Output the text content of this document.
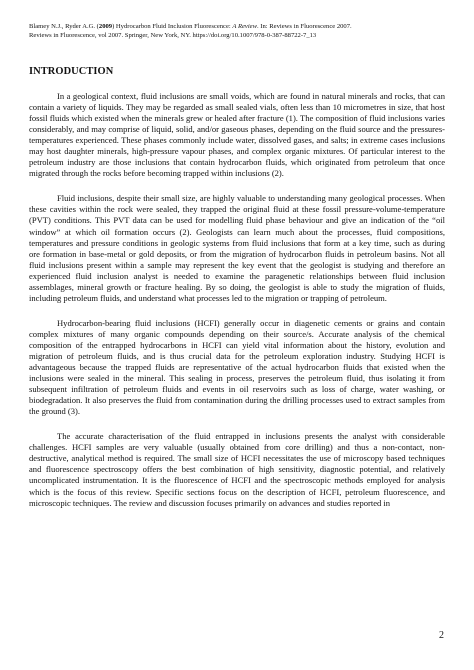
Blamey N.J., Ryder A.G. (2009) Hydrocarbon Fluid Inclusion Fluorescence: A Review. In: Reviews in Fluorescence 2007.
Reviews in Fluorescence, vol 2007. Springer, New York, NY. https://doi.org/10.1007/978-0-387-88722-7_13
INTRODUCTION

In a geological context, fluid inclusions are small voids, which are found in natural minerals and rocks, that can contain a variety of liquids. They may be regarded as small sealed vials, often less than 10 micrometres in size, that host fossil fluids which existed when the minerals grew or healed after fracture (1). The composition of fluid inclusions varies considerably, and may comprise of liquid, solid, and/or gaseous phases, depending on the fluid source and the pressures-temperatures experienced. These phases commonly include water, dissolved gases, and salts; in extreme cases inclusions may host daughter minerals, high-pressure vapour phases, and complex organic mixtures. Of particular interest to the petroleum industry are those inclusions that contain hydrocarbon fluids, which originated from petroleum that once migrated through the rocks before becoming trapped within inclusions (2).

Fluid inclusions, despite their small size, are highly valuable to understanding many geological processes. When these cavities within the rock were sealed, they trapped the original fluid at these fossil pressure-volume-temperature (PVT) conditions. This PVT data can be used for modelling fluid phase behaviour and give an indication of the “oil window” at which oil formation occurs (2). Geologists can learn much about the processes, fluid compositions, temperatures and pressure conditions in geologic systems from fluid inclusions that form at a key time, such as during ore formation in base-metal or gold deposits, or from the migration of hydrocarbon fluids in petroleum basins. Not all fluid inclusions present within a sample may represent the key event that the geologist is studying and therefore an experienced fluid inclusion analyst is needed to examine the paragenetic relationships between fluid inclusion assemblages, mineral growth or fracture healing. By so doing, the geologist is able to study the migration of fluids, including petroleum fluids, and understand what processes led to the migration or trapping of petroleum.

Hydrocarbon-bearing fluid inclusions (HCFI) generally occur in diagenetic cements or grains and contain complex mixtures of many organic compounds depending on their source/s. Accurate analysis of the chemical composition of the entrapped hydrocarbons in HCFI can yield vital information about the history, evolution and migration of petroleum fluids, and is thus crucial data for the petroleum exploration industry. Studying HCFI is advantageous because the trapped fluids are representative of the actual hydrocarbon fluids that existed when the inclusions were sealed in the mineral. This sealing in process, preserves the petroleum fluid, thus isolating it from subsequent infiltration of petroleum fluids and events in oil reservoirs such as loss of charge, water washing, or biodegradation. It also preserves the fluid from contamination during the drilling processes used to extract samples from the ground (3).

The accurate characterisation of the fluid entrapped in inclusions presents the analyst with considerable challenges. HCFI samples are very valuable (usually obtained from core drilling) and thus a non-contact, non-destructive, analytical method is required. The small size of HCFI necessitates the use of microscopy based techniques and fluorescence spectroscopy offers the best combination of high sensitivity, diagnostic potential, and relatively uncomplicated instrumentation. It is the fluorescence of HCFI and the spectroscopic methods employed for analysis which is the focus of this review. Specific sections focus on the description of HCFI, petroleum fluorescence, and microscopic techniques. The review and discussion focuses primarily on advances and studies reported in

2
